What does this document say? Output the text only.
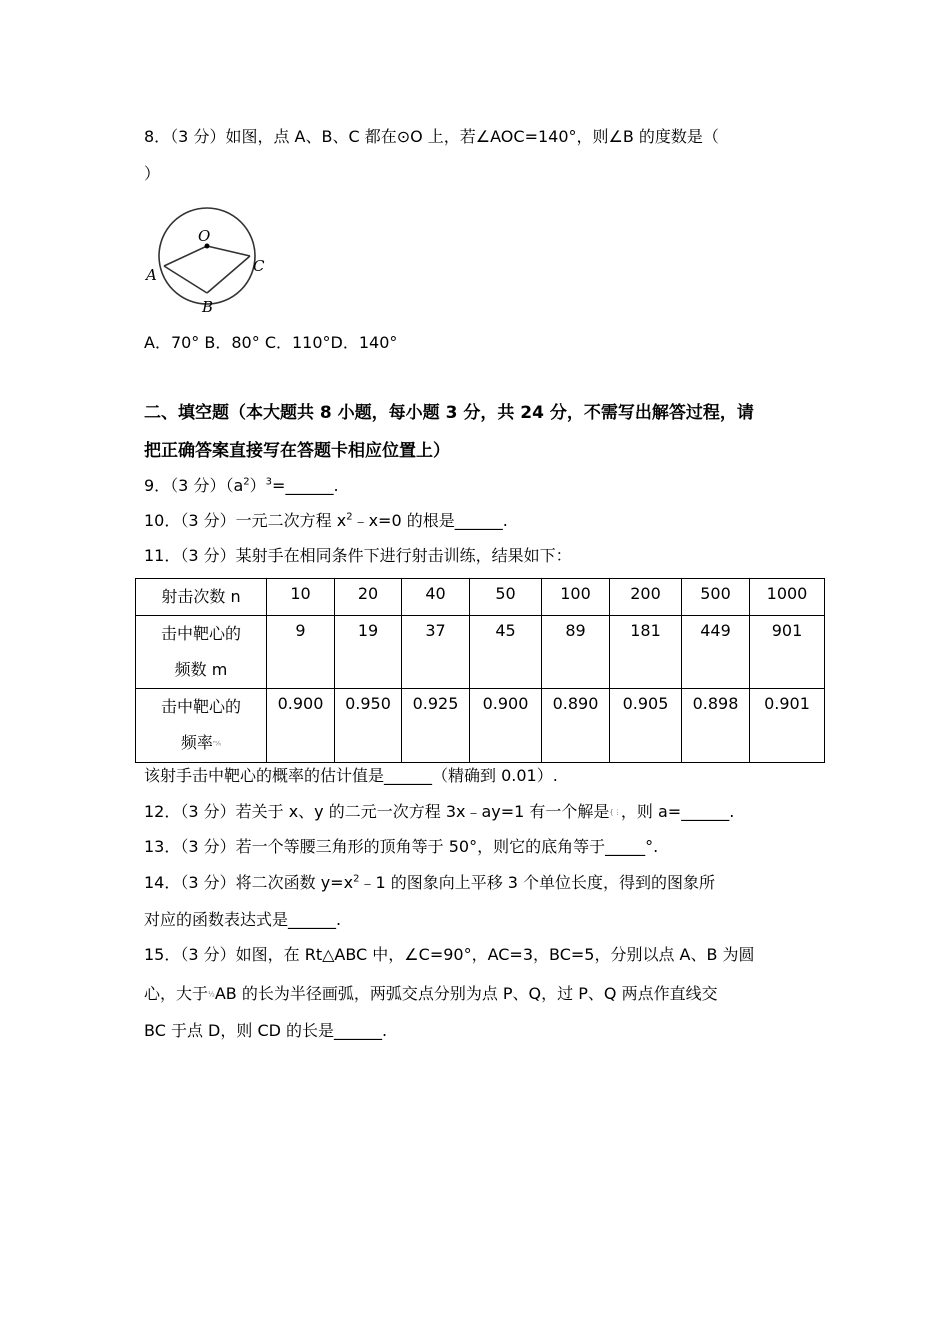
8．（3 分）如图，点 A、B、C 都在⊙O 上，若∠AOC=140°，则∠B 的度数是（
）
O
A
B
C
A．70° B．80° C．110°D．140°
二、填空题（本大题共 8 小题，每小题 3 分，共 24 分，不需写出解答过程，请
把正确答案直接写在答题卡相应位置上）
9．（3 分）$(a^2)^3=\_\_\_\_\_\_$.
10．（3 分）一元二次方程 $x^2﹣x=0$ 的根是______.
11．（3 分）某射手在相同条件下进行射击训练，结果如下：
射击次数 n	10	20	40	50	100	200	500	1000

击中靶心的
频数 m	9	19	37	45	89	181	449	901

击中靶心的
频率ᵐ⁄ₙ	0.900	0.950	0.925	0.900	0.890	0.905	0.898	0.901
该射手击中靶心的概率的估计值是______（精确到 0.01）.
12．（3 分）若关于 x、y 的二元一次方程 3x﹣ay=1 有一个解是{⋮，则 a=______.
13．（3 分）若一个等腰三角形的顶角等于 50°，则它的底角等于_____°.
14．（3 分）将二次函数 $y=x^2﹣1$ 的图象向上平移 3 个单位长度，得到的图象所
对应的函数表达式是______.
15．（3 分）如图，在 Rt△ABC 中，∠C=90°，AC=3，BC=5，分别以点 A、B 为圆
心，大于½AB 的长为半径画弧，两弧交点分别为点 P、Q，过 P、Q 两点作直线交
BC 于点 D，则 CD 的长是______.
